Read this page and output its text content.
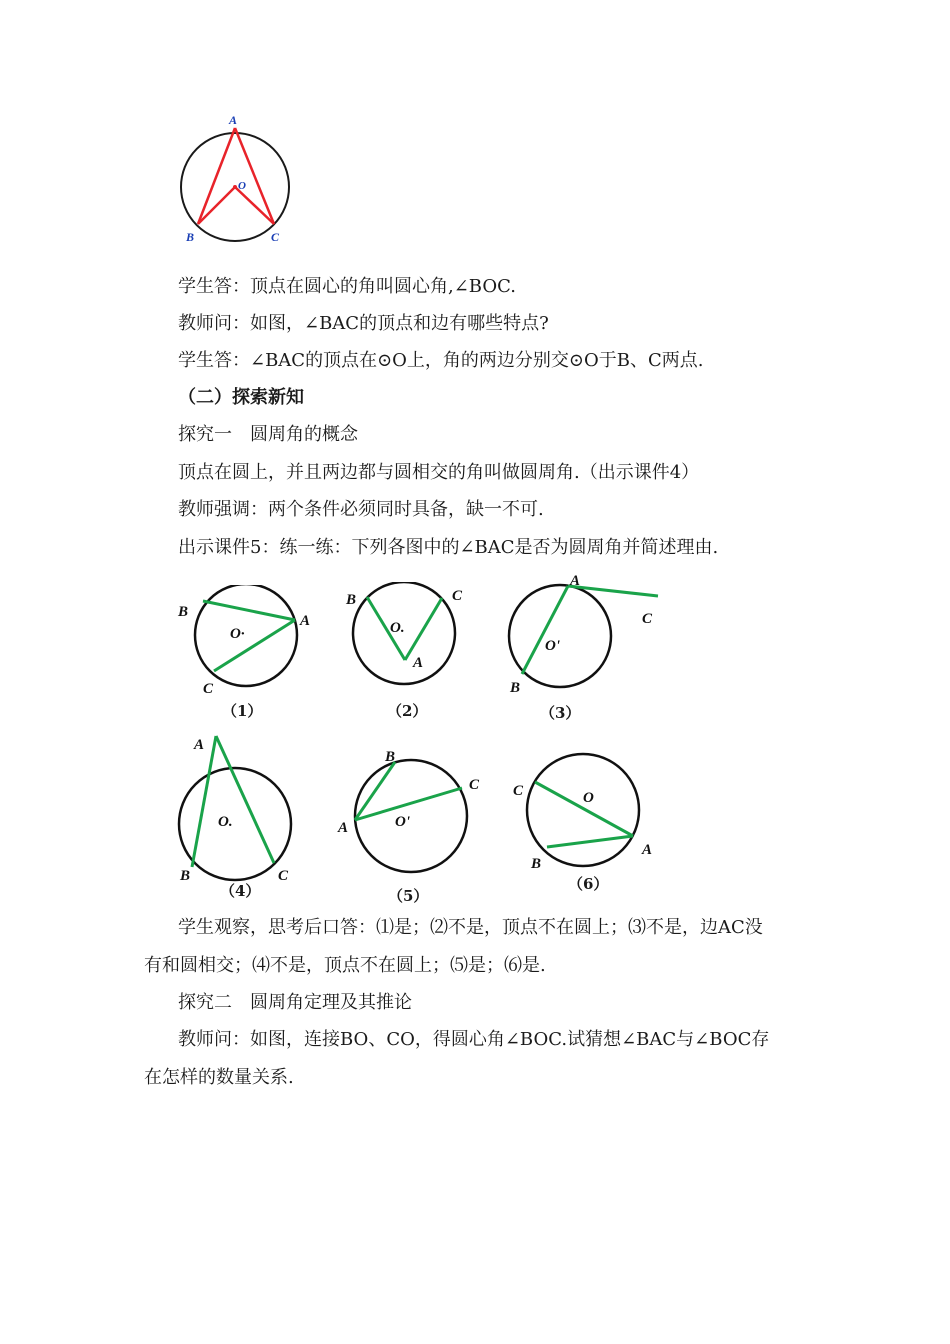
A
O
B	C
学生答：顶点在圆心的角叫圆心角,∠BOC.
教师问：如图，∠BAC的顶点和边有哪些特点?
学生答：∠BAC的顶点在⊙O上，角的两边分别交⊙O于B、C两点.
（二）探索新知
探究一　圆周角的概念
顶点在圆上，并且两边都与圆相交的角叫做圆周角.（出示课件4）
教师强调：两个条件必须同时具备，缺一不可.
出示课件5：练一练：下列各图中的∠BAC是否为圆周角并简述理由.
B
A
C
O·
（1）
B	C
A
O.
（2）
A
C
B
O'
（3）
A
B	C
O.
（4）
B
C
A	O'
（5）
C	O
B
A
（6）
学生观察，思考后口答：⑴是；⑵不是，顶点不在圆上；⑶不是，边AC没
有和圆相交；⑷不是，顶点不在圆上；⑸是；⑹是.
探究二　圆周角定理及其推论
教师问：如图，连接BO、CO，得圆心角∠BOC.试猜想∠BAC与∠BOC存
在怎样的数量关系.
